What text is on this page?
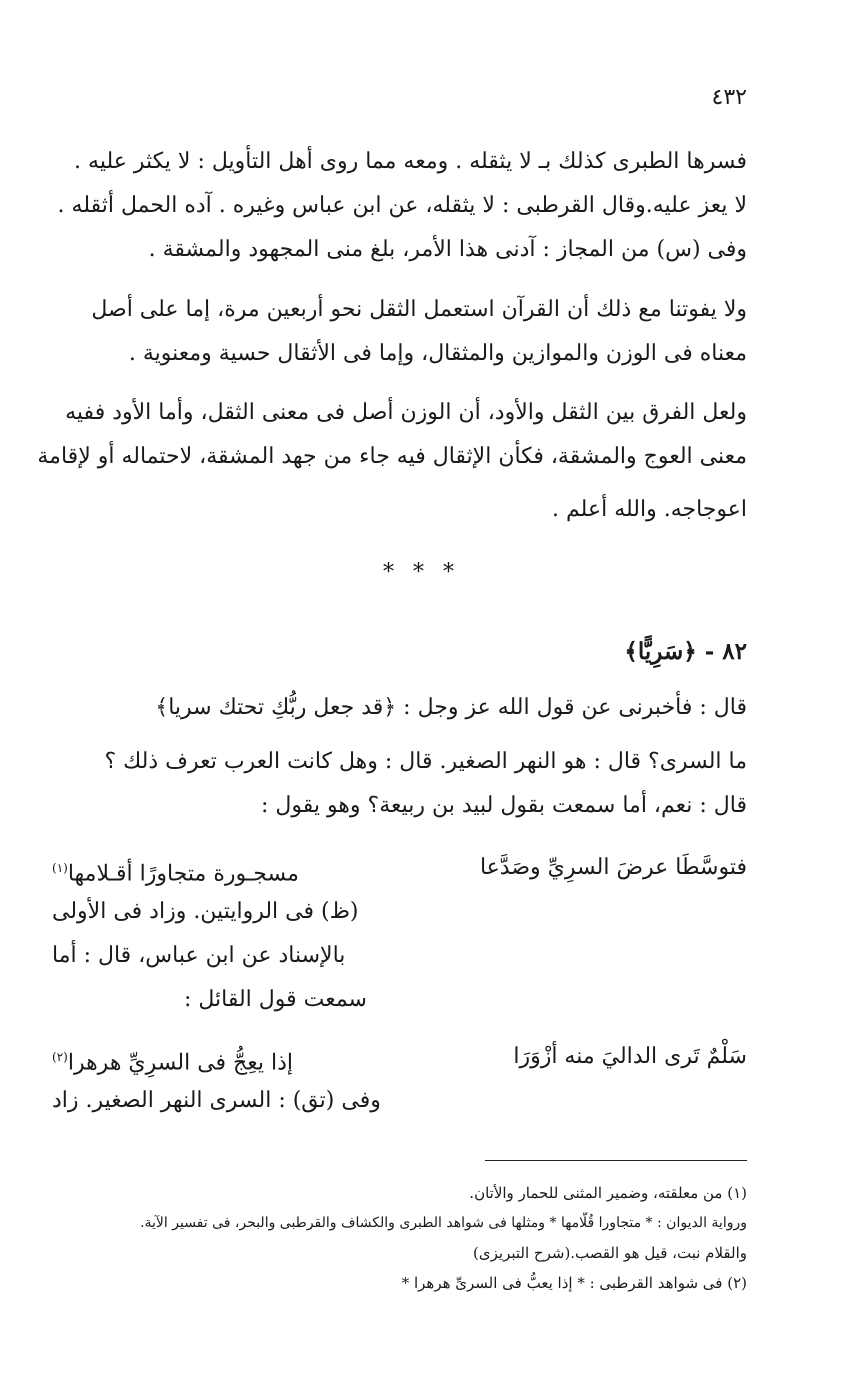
٤٣٢
فسرها الطبرى كذلك بـ لا يثقله . ومعه مما روى أهل التأويل : لا يكثر عليه .
لا يعز عليه.وقال القرطبى : لا يثقله، عن ابن عباس وغيره . آده الحمل أثقله .
وفى (س) من المجاز : آدنى هذا الأمر، بلغ منى المجهود والمشقة .
ولا يفوتنا مع ذلك أن القرآن استعمل الثقل نحو أربعين مرة، إما على أصل
معناه فى الوزن والموازين والمثقال، وإما فى الأثقال حسية ومعنوية .
ولعل الفرق بين الثقل والأود، أن الوزن أصل فى معنى الثقل، وأما الأود ففيه
معنى العوج والمشقة، فكأن الإثقال فيه جاء من جهد المشقة، لاحتماله أو لإقامة
اعوجاجه. والله أعلم .
* * *
٨٢ - ﴿سَرِيًّا﴾
قال : فأخبرنى عن قول الله عز وجل : ﴿قد جعل ربُّكِ تحتك سريا﴾
ما السرى؟ قال : هو النهر الصغير. قال : وهل كانت العرب تعرف ذلك ؟
قال : نعم، أما سمعت بقول لبيد بن ربيعة؟ وهو يقول :
فتوسَّطَا عرضَ السرِيِّ وصَدَّعا
مسجـورة متجاورًا أقـلامها$^{(١)}$
(ظ) فى الروايتين. وزاد فى الأولى
بالإسناد عن ابن عباس، قال : أما
سمعت قول القائل :
سَلْمٌ تَرى الداليَ منه أزْوَرَا
إذا يعِجُّ فى السرِيِّ هرهرا$^{(٢)}$
وفى (تق) : السرى النهر الصغير. زاد
(١) من معلقته، وضمير المثنى للحمار والأتان.
ورواية الديوان : * متجاورا قُلّامها * ومثلها فى شواهد الطبرى والكشاف والقرطبى والبحر، فى تفسير الآية.
والقلام نبت، قيل هو القصب.(شرح التبريزى)
(٢) فى شواهد القرطبى : * إذا يعبُّ فى السرىِّ هرهرا *
